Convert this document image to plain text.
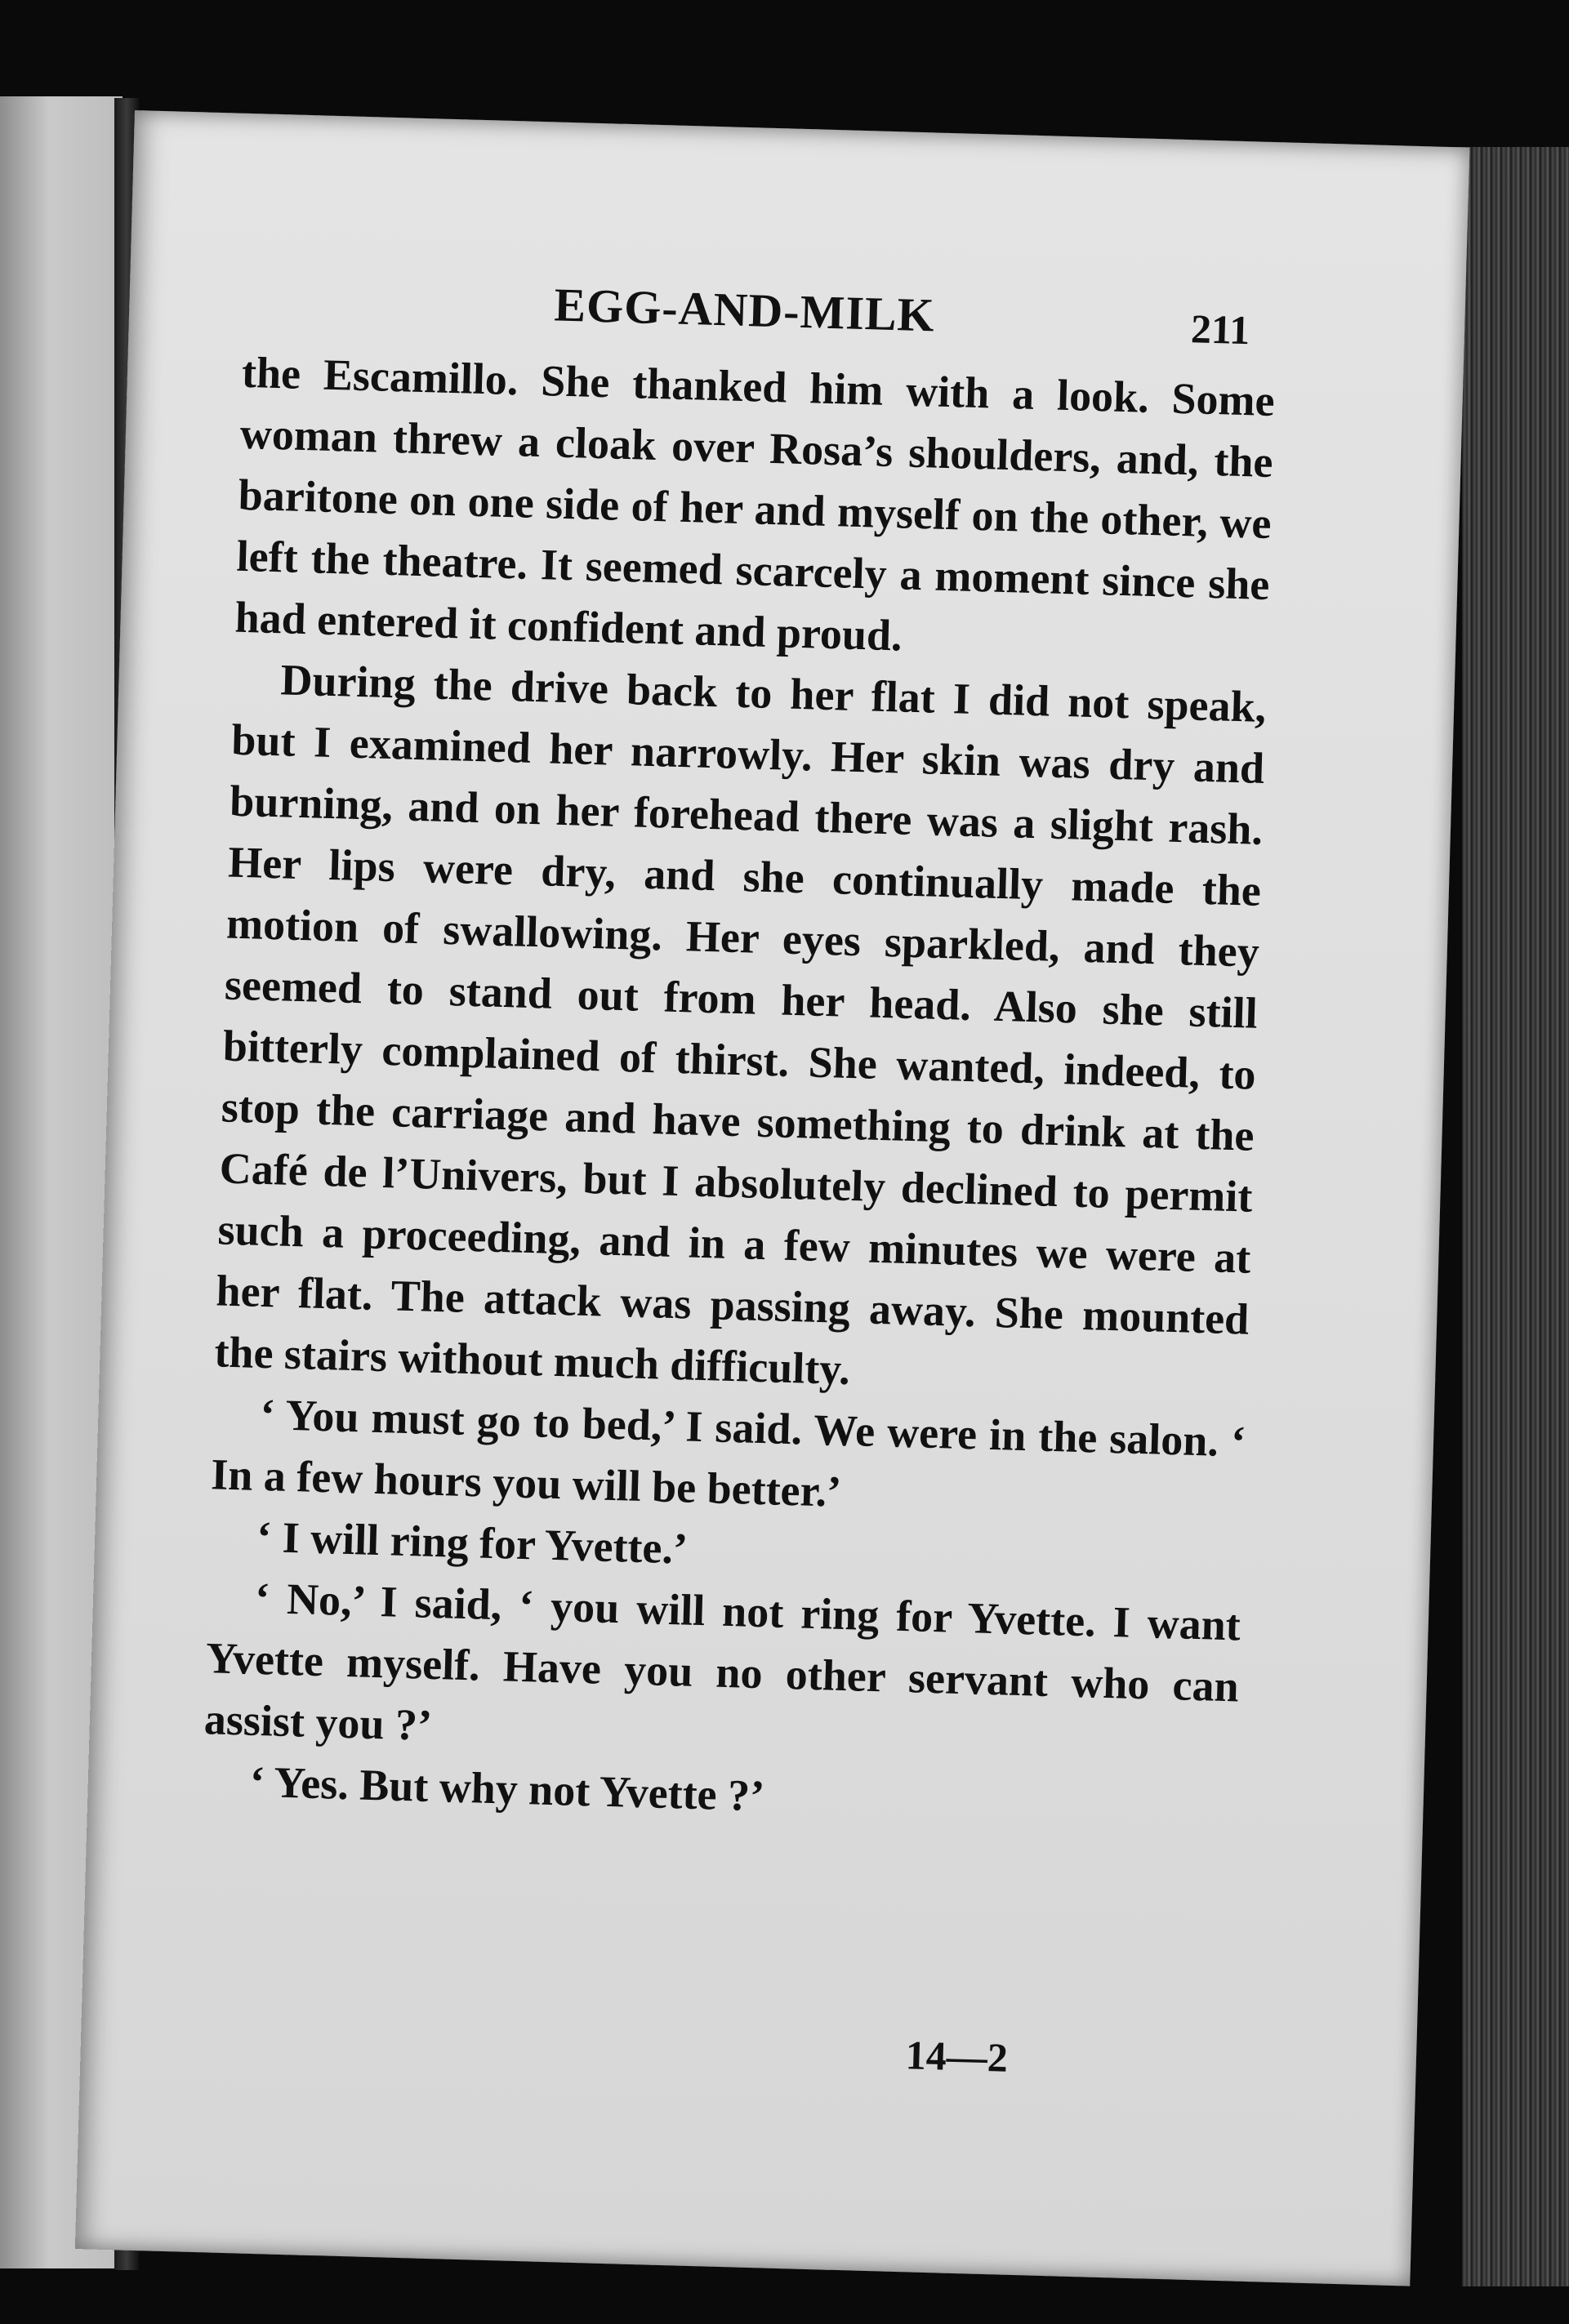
EGG-AND-MILK	211

the Escamillo. She thanked him with a look. Some woman threw a cloak over Rosa’s shoulders, and, the baritone on one side of her and myself on the other, we left the theatre. It seemed scarcely a moment since she had entered it confident and proud.

During the drive back to her flat I did not speak, but I examined her narrowly. Her skin was dry and burning, and on her forehead there was a slight rash. Her lips were dry, and she continually made the motion of swallowing. Her eyes sparkled, and they seemed to stand out from her head. Also she still bitterly complained of thirst. She wanted, indeed, to stop the carriage and have something to drink at the Café de l’Univers, but I absolutely declined to permit such a proceeding, and in a few minutes we were at her flat. The attack was passing away. She mounted the stairs without much difficulty.

‘ You must go to bed,’ I said. We were in the salon. ‘ In a few hours you will be better.’

‘ I will ring for Yvette.’

‘ No,’ I said, ‘ you will not ring for Yvette. I want Yvette myself. Have you no other servant who can assist you ?’

‘ Yes. But why not Yvette ?’

14—2
